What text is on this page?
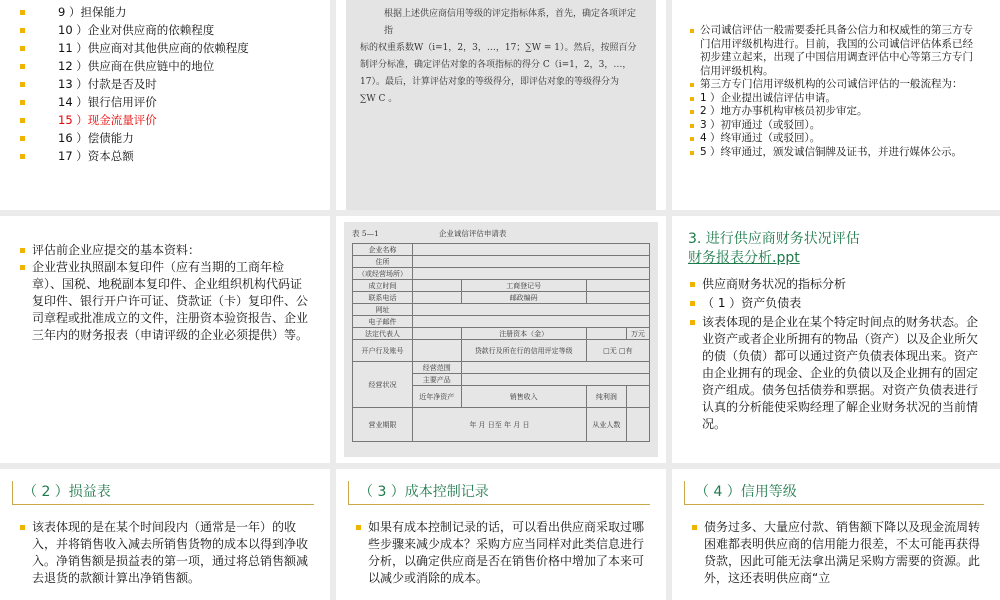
9 ）担保能力
10 ）企业对供应商的依赖程度
11 ）供应商对其他供应商的依赖程度
12 ）供应商在供应链中的地位
13 ）付款是否及时
14 ）银行信用评价
15 ）现金流量评价
16 ）偿债能力
17 ）资本总额
根据上述供应商信用等级的评定指标体系，首先，确定各项评定指
标的权重系数W（i=1，2，3，…，17；∑W = 1）。然后，按照百分
制评分标准，确定评估对象的各项指标的得分 C（i=1，2，3，…，
17）。最后，计算评估对象的等级得分，即评估对象的等级得分为
∑W C 。
公司诚信评估一般需要委托具备公信力和权威性的第三方专门信用评级机构进行。目前，我国的公司诚信评估体系已经初步建立起来，出现了中国信用调查评估中心等第三方专门信用评级机构。
第三方专门信用评级机构的公司诚信评估的一般流程为：
1 ）企业提出诚信评估申请。
2 ）地方办事机构审核员初步审定。
3 ）初审通过（或驳回）。
4 ）终审通过（或驳回）。
5 ）终审通过，颁发诚信铜牌及证书，并进行媒体公示。
评估前企业应提交的基本资料：
企业营业执照副本复印件（应有当期的工商年检章）、国税、地税副本复印件、企业组织机构代码证复印件、银行开户许可证、贷款证（卡）复印件、公司章程或批准成立的文件，注册资本验资报告、企业三年内的财务报表（申请评级的企业必须提供）等。
表 5—1	企业诚信评估申请表
企业名称				
住所				
（或经营场所）				
成立时间		工商登记号		
联系电话		邮政编码		
网址				
电子邮件				
法定代表人		注册资本（金）		万元
开户行及账号		贷款行及所在行的信用评定等级	□无 □有	
经营状况	经营范围			
	主要产品			
	近年净资产	销售收入	纯利润	
营业期限	年 月 日至 年 月 日		从业人数	
3. 进行供应商财务状况评估
财务报表分析.ppt
供应商财务状况的指标分析
（ 1 ）资产负债表
该表体现的是企业在某个特定时间点的财务状态。企业资产或者企业所拥有的物品（资产）以及企业所欠的债（负债）都可以通过资产负债表体现出来。资产由企业拥有的现金、企业的负债以及企业拥有的固定资产组成。债务包括债券和票据。对资产负债表进行认真的分析能使采购经理了解企业财务状况的当前情况。
（ 2 ）损益表
该表体现的是在某个时间段内（通常是一年）的收入，并将销售收入减去所销售货物的成本以得到净收入。净销售额是损益表的第一项，通过将总销售额减去退货的款额计算出净销售额。
（ 3 ）成本控制记录
如果有成本控制记录的话，可以看出供应商采取过哪些步骤来减少成本？采购方应当同样对此类信息进行分析，以确定供应商是否在销售价格中增加了本来可以减少或消除的成本。
（ 4 ）信用等级
债务过多、大量应付款、销售额下降以及现金流周转困难都表明供应商的信用能力很差，不太可能再获得贷款，因此可能无法拿出满足采购方需要的资源。此外，这还表明供应商“立
